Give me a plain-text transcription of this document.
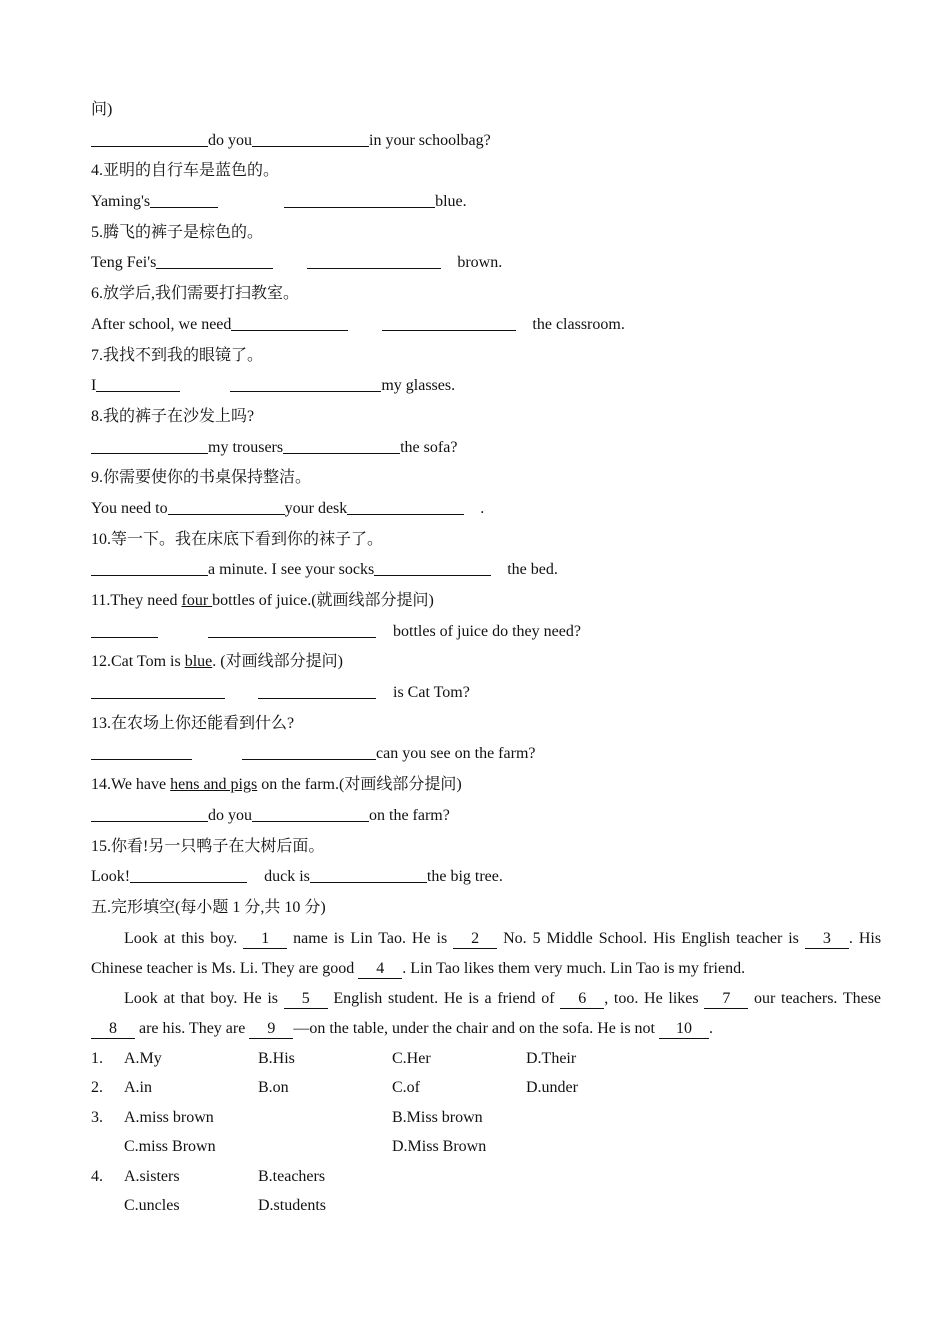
问)
do you	in your schoolbag?
4.亚明的自行车是蓝色的。
Yaming's	blue.
5.腾飞的裤子是棕色的。
Teng Fei's	brown.
6.放学后,我们需要打扫教室。
After school, we need	the classroom.
7.我找不到我的眼镜了。
I	my glasses.
8.我的裤子在沙发上吗?
my trousers	the sofa?
9.你需要使你的书桌保持整洁。
You need to	your desk	.
10.等一下。我在床底下看到你的袜子了。
a minute. I see your socks	the bed.
11.They need four bottles of juice.(就画线部分提问)
bottles of juice do they need?
12.Cat Tom is blue. (对画线部分提问)
is Cat Tom?
13.在农场上你还能看到什么?
can you see on the farm?
14.We have hens and pigs on the farm.(对画线部分提问)
do you	on the farm?
15.你看!另一只鸭子在大树后面。
Look!	duck is	the big tree.
五.完形填空(每小题 1 分,共 10 分)
Look at this boy. 1 name is Lin Tao. He is 2 No. 5 Middle School. His English teacher is 3 . His Chinese teacher is Ms. Li. They are good 4 . Lin Tao likes them very much. Lin Tao is my friend.
Look at that boy. He is 5 English student. He is a friend of 6 , too. He likes 7 our teachers. These 8 are his. They are 9 —on the table, under the chair and on the sofa. He is not 10 .
1. A.My	B.His	C.Her	D.Their
2. A.in	B.on	C.of	D.under
3. A.miss brown	B.Miss brown
C.miss Brown	D.Miss Brown
4. A.sisters	B.teachers
C.uncles	D.students
